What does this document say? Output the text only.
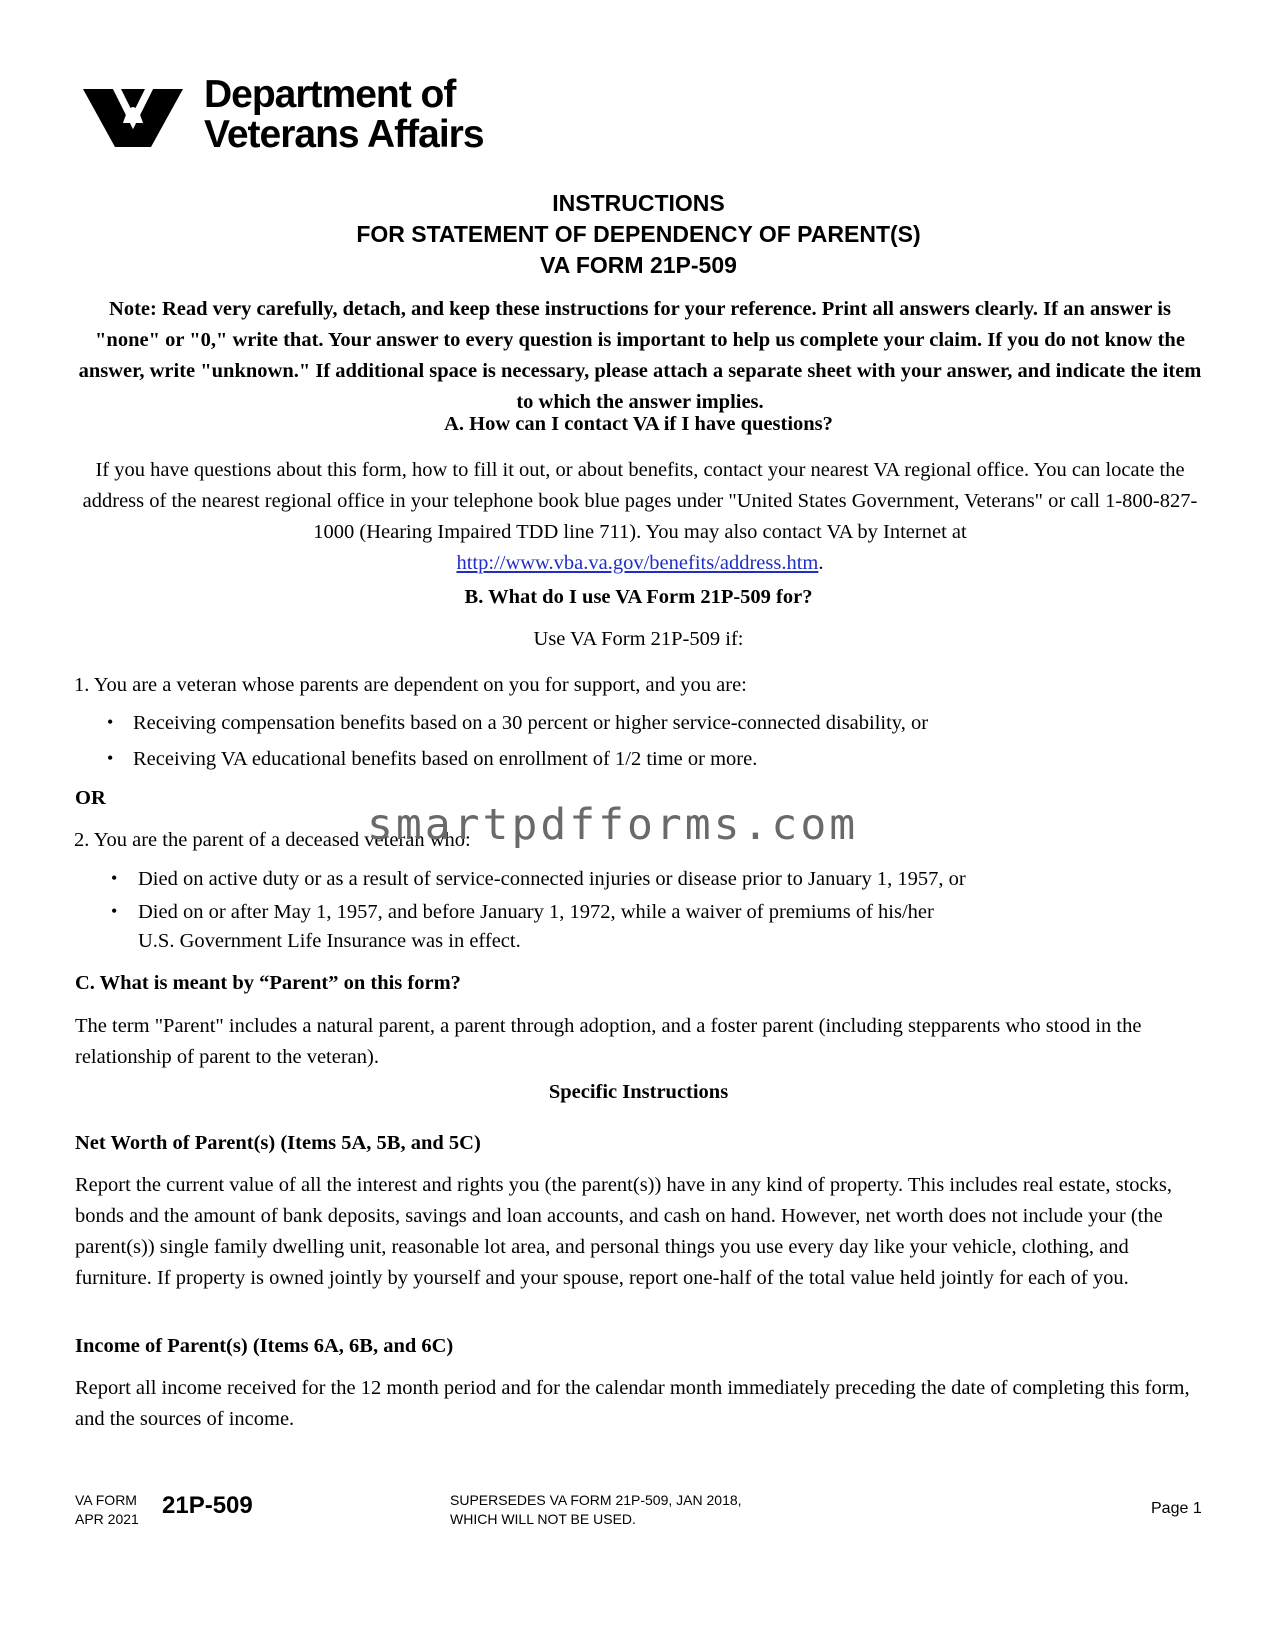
Department of
Veterans Affairs
INSTRUCTIONS
FOR STATEMENT OF DEPENDENCY OF PARENT(S)
VA FORM 21P-509
Note: Read very carefully, detach, and keep these instructions for your reference. Print all answers clearly. If an answer is "none" or "0," write that. Your answer to every question is important to help us complete your claim. If you do not know the answer, write "unknown." If additional space is necessary, please attach a separate sheet with your answer, and indicate the item to which the answer implies.
A. How can I contact VA if I have questions?
If you have questions about this form, how to fill it out, or about benefits, contact your nearest VA regional office. You can locate the address of the nearest regional office in your telephone book blue pages under "United States Government, Veterans" or call 1-800-827-1000 (Hearing Impaired TDD line 711). You may also contact VA by Internet at
http://www.vba.va.gov/benefits/address.htm.
B. What do I use VA Form 21P-509 for?
Use VA Form 21P-509 if:
1. You are a veteran whose parents are dependent on you for support, and you are:
• Receiving compensation benefits based on a 30 percent or higher service-connected disability, or
• Receiving VA educational benefits based on enrollment of 1/2 time or more.
OR
2. You are the parent of a deceased veteran who:
• Died on active duty or as a result of service-connected injuries or disease prior to January 1, 1957, or
• Died on or after May 1, 1957, and before January 1, 1972, while a waiver of premiums of his/her
U.S. Government Life Insurance was in effect.
C. What is meant by “Parent” on this form?
The term "Parent" includes a natural parent, a parent through adoption, and a foster parent (including stepparents who stood in the relationship of parent to the veteran).
Specific Instructions
Net Worth of Parent(s) (Items 5A, 5B, and 5C)
Report the current value of all the interest and rights you (the parent(s)) have in any kind of property. This includes real estate, stocks, bonds and the amount of bank deposits, savings and loan accounts, and cash on hand. However, net worth does not include your (the parent(s)) single family dwelling unit, reasonable lot area, and personal things you use every day like your vehicle, clothing, and furniture. If property is owned jointly by yourself and your spouse, report one-half of the total value held jointly for each of you.
Income of Parent(s) (Items 6A, 6B, and 6C)
Report all income received for the 12 month period and for the calendar month immediately preceding the date of completing this form, and the sources of income.
smartpdfforms.com
VA FORM
APR 2021 21P-509	SUPERSEDES VA FORM 21P-509, JAN 2018,
WHICH WILL NOT BE USED.
Page 1
